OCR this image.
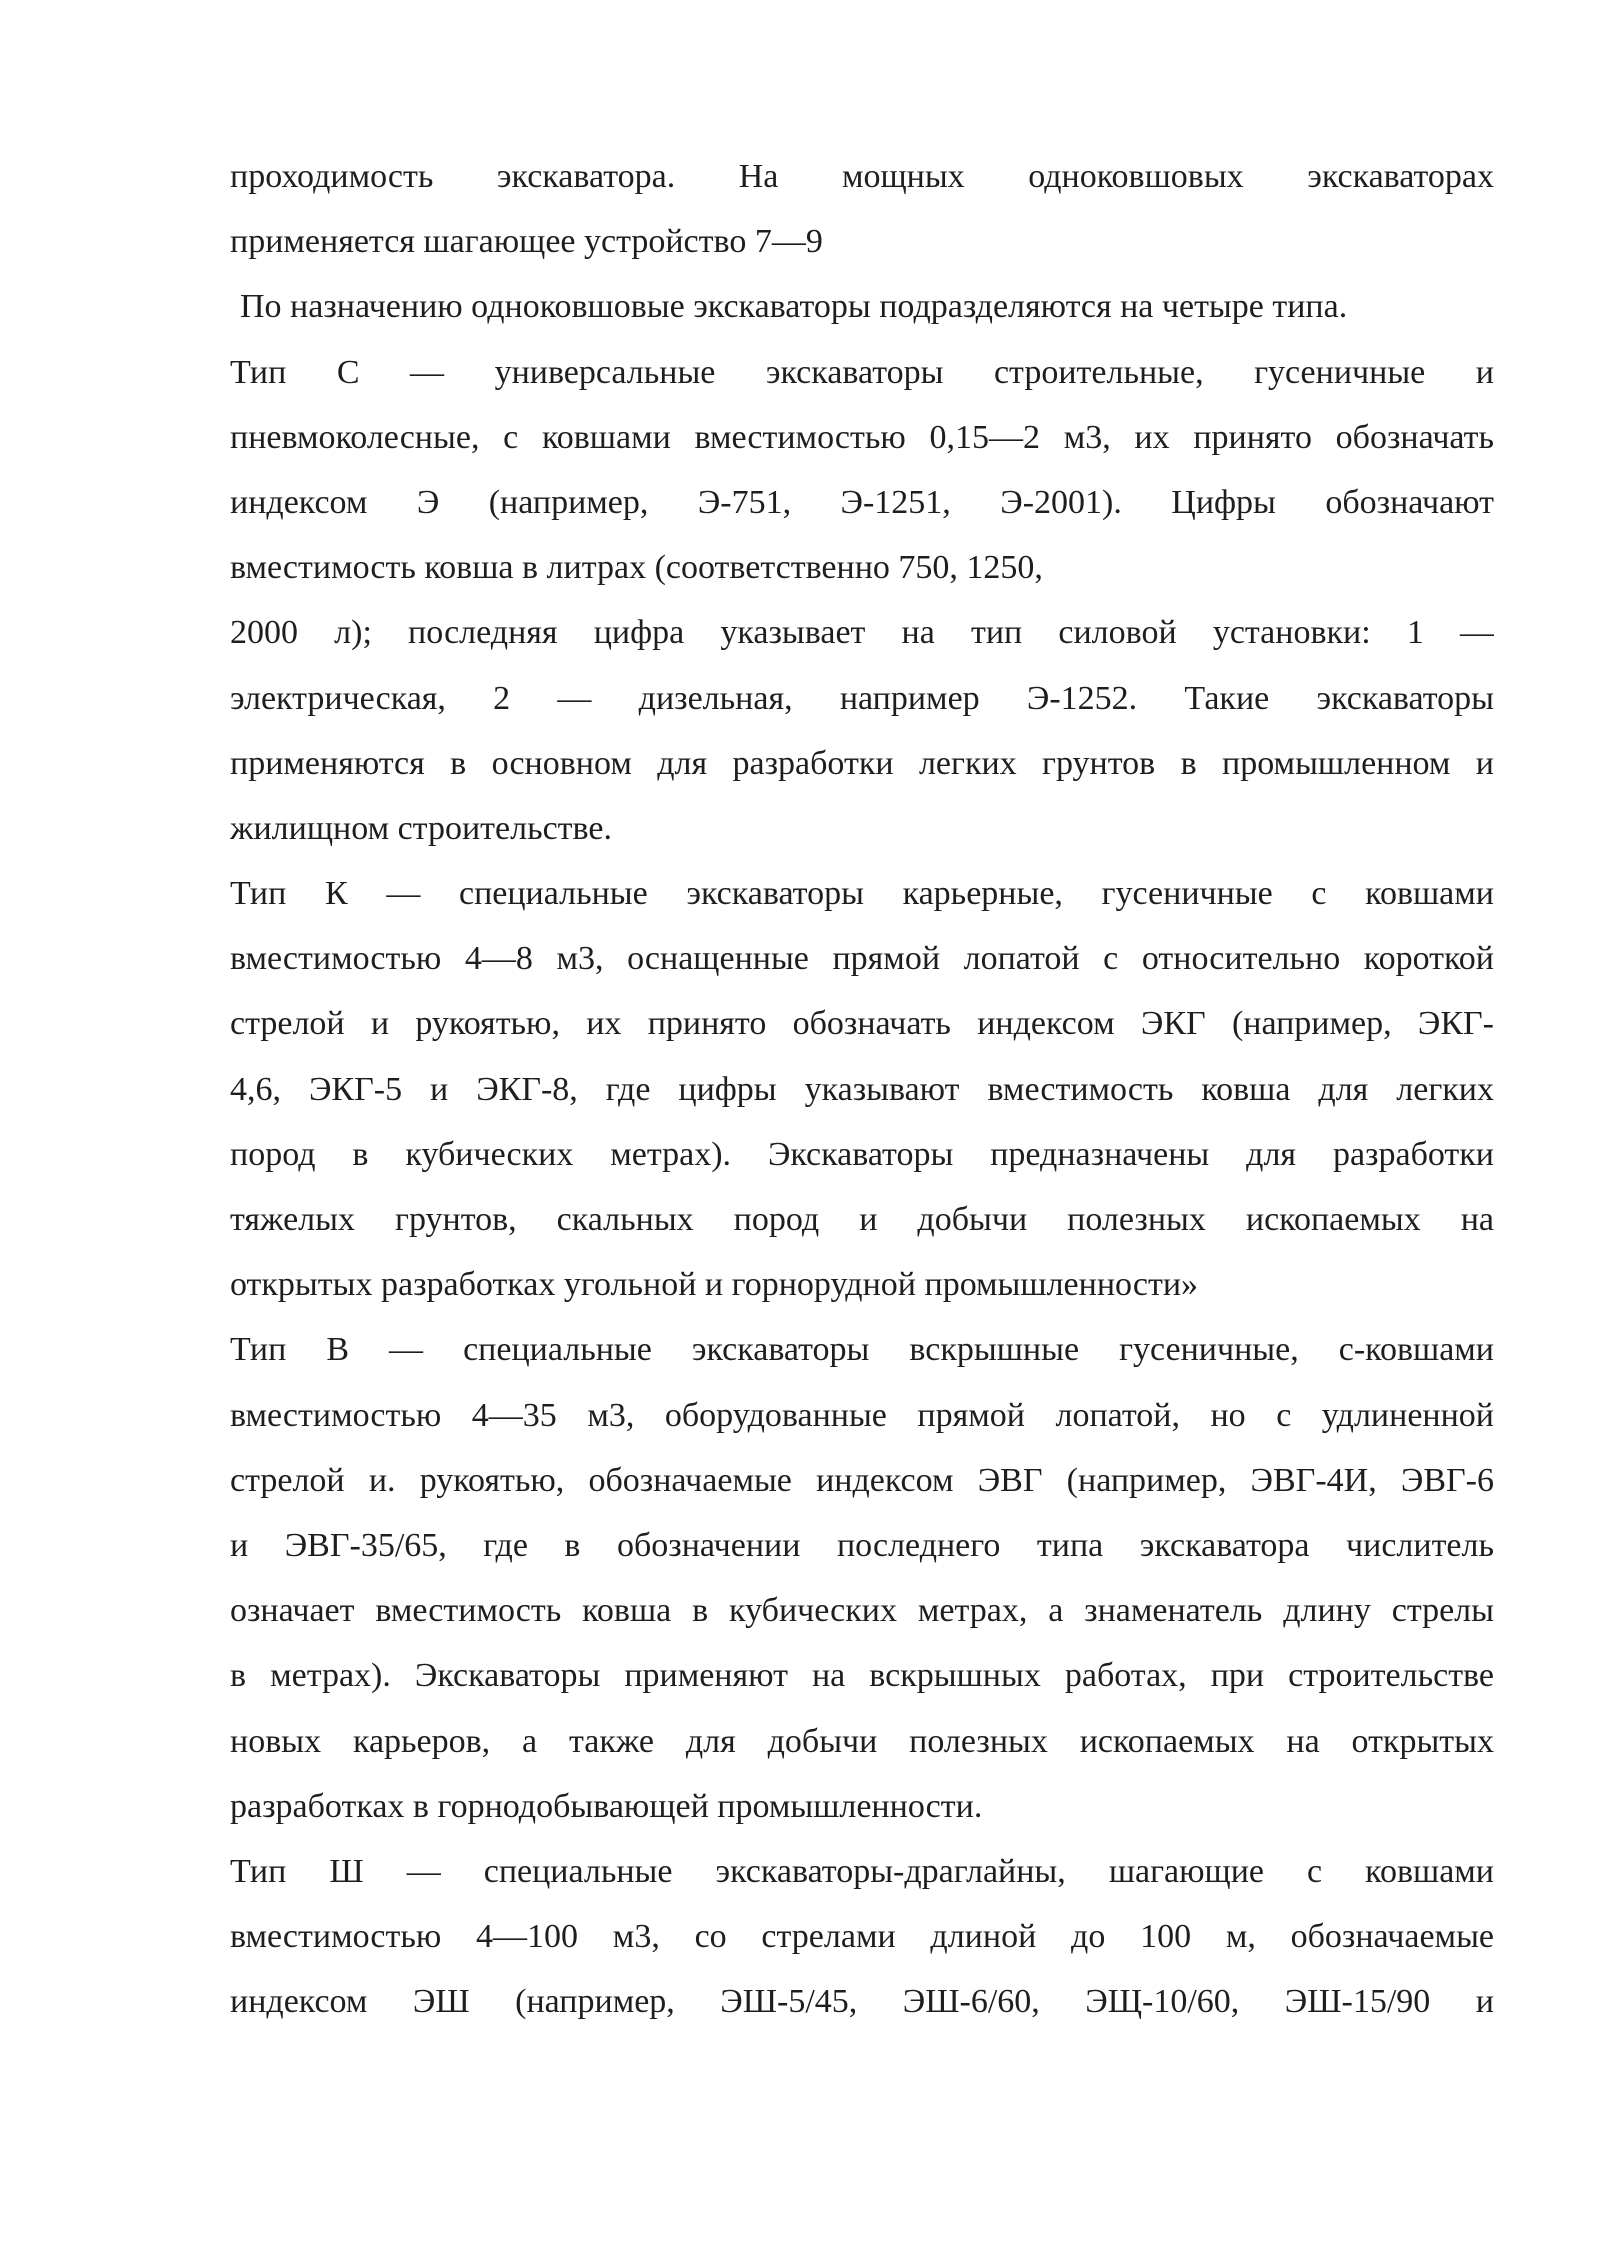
проходимость экскаватора. На мощных одноковшовых экскаваторах
применяется шагающее устройство 7—9
По назначению одноковшовые экскаваторы подразделяются на четыре типа.
Тип С — универсальные экскаваторы строительные, гусеничные и
пневмоколесные, с ковшами вместимостью 0,15—2 м3, их принято обозначать
индексом Э (например, Э-751, Э-1251, Э-2001). Цифры обозначают
вместимость ковша в литрах (соответственно 750, 1250,
2000 л); последняя цифра указывает на тип силовой установки: 1 —
электрическая, 2 — дизельная, например Э-1252. Такие экскаваторы
применяются в основном для разработки легких грунтов в промышленном и
жилищном строительстве.
Тип К — специальные экскаваторы карьерные, гусеничные с ковшами
вместимостью 4—8 м3, оснащенные прямой лопатой с относительно короткой
стрелой и рукоятью, их принято обозначать индексом ЭКГ (например, ЭКГ-
4,6, ЭКГ-5 и ЭКГ-8, где цифры указывают вместимость ковша для легких
пород в кубических метрах). Экскаваторы предназначены для разработки
тяжелых грунтов, скальных пород и добычи полезных ископаемых на
открытых разработках угольной и горнорудной промышленности»
Тип В — специальные экскаваторы вскрышные гусеничные, с-ковшами
вместимостью 4—35 м3, оборудованные прямой лопатой, но с удлиненной
стрелой и. рукоятью, обозначаемые индексом ЭВГ (например, ЭВГ-4И, ЭВГ-6
и ЭВГ-35/65, где в обозначении последнего типа экскаватора числитель
означает вместимость ковша в кубических метрах, а знаменатель длину стрелы
в метрах). Экскаваторы применяют на вскрышных работах, при строительстве
новых карьеров, а также для добычи полезных ископаемых на открытых
разработках в горнодобывающей промышленности.
Тип Ш — специальные экскаваторы-драглайны, шагающие с ковшами
вместимостью 4—100 м3, со стрелами длиной до 100 м, обозначаемые
индексом ЭШ (например, ЭШ-5/45, ЭШ-6/60, ЭЩ-10/60, ЭШ-15/90 и
